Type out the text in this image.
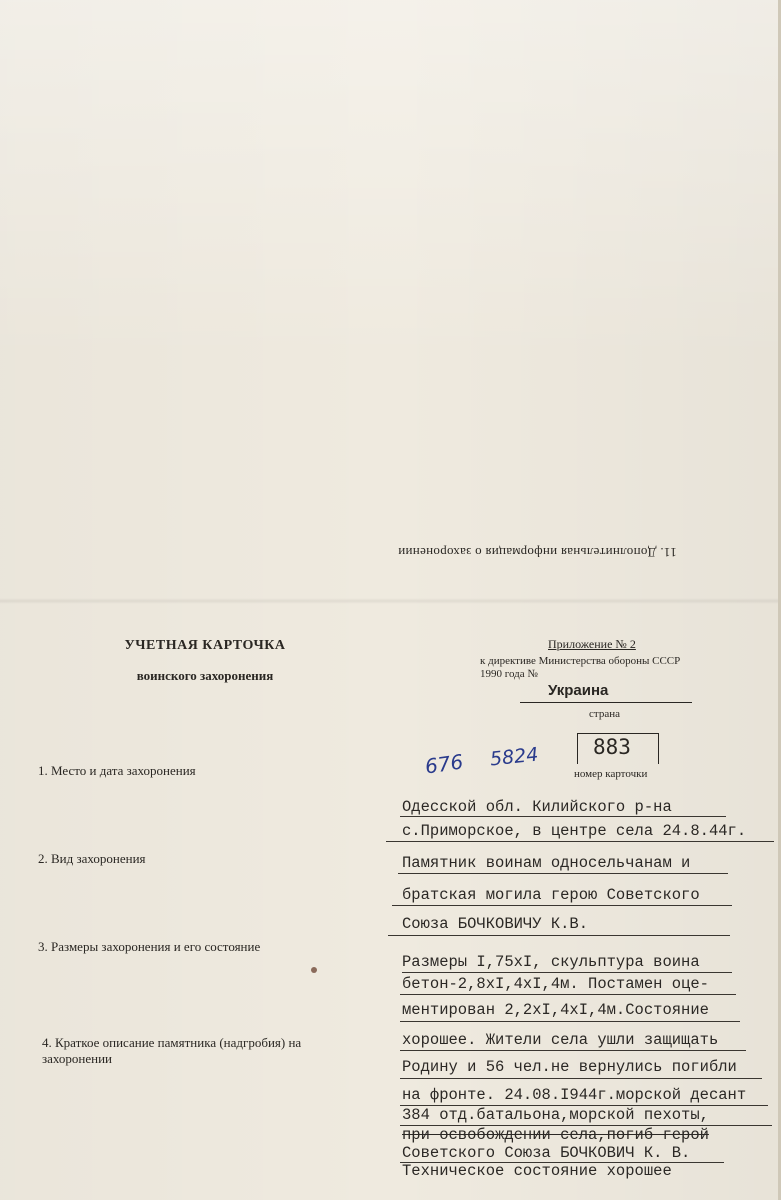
11. Дополнительная информация о захоронении
УЧЕТНАЯ КАРТОЧКА
воинского захоронения
Приложение № 2
к директиве Министерства обороны СССР
1990 года №
Украина
страна
883
номер карточки
676 5824
1. Место и дата захоронения
2. Вид захоронения
3. Размеры захоронения и его состояние
4. Краткое описание памятника (надгробия) на захоронении
Одесской обл. Килийского р-на
с.Приморское, в центре села 24.8.44г.
Памятник воинам односельчанам и
братская могила герою Советского
Союза БОЧКОВИЧУ К.В.
Размеры I,75xI, скульптура воина
бетон-2,8xI,4xI,4м. Постамен оце-
ментирован 2,2xI,4xI,4м.Состояние
хорошее. Жители села ушли защищать
Родину и 56 чел.не вернулись погибли
на фронте. 24.08.I944г.морской десант
384 отд.батальона,морской пехоты,
при освобождении села,погиб герой
Советского Союза БОЧКОВИЧ К. В.
Техническое состояние хорошее
